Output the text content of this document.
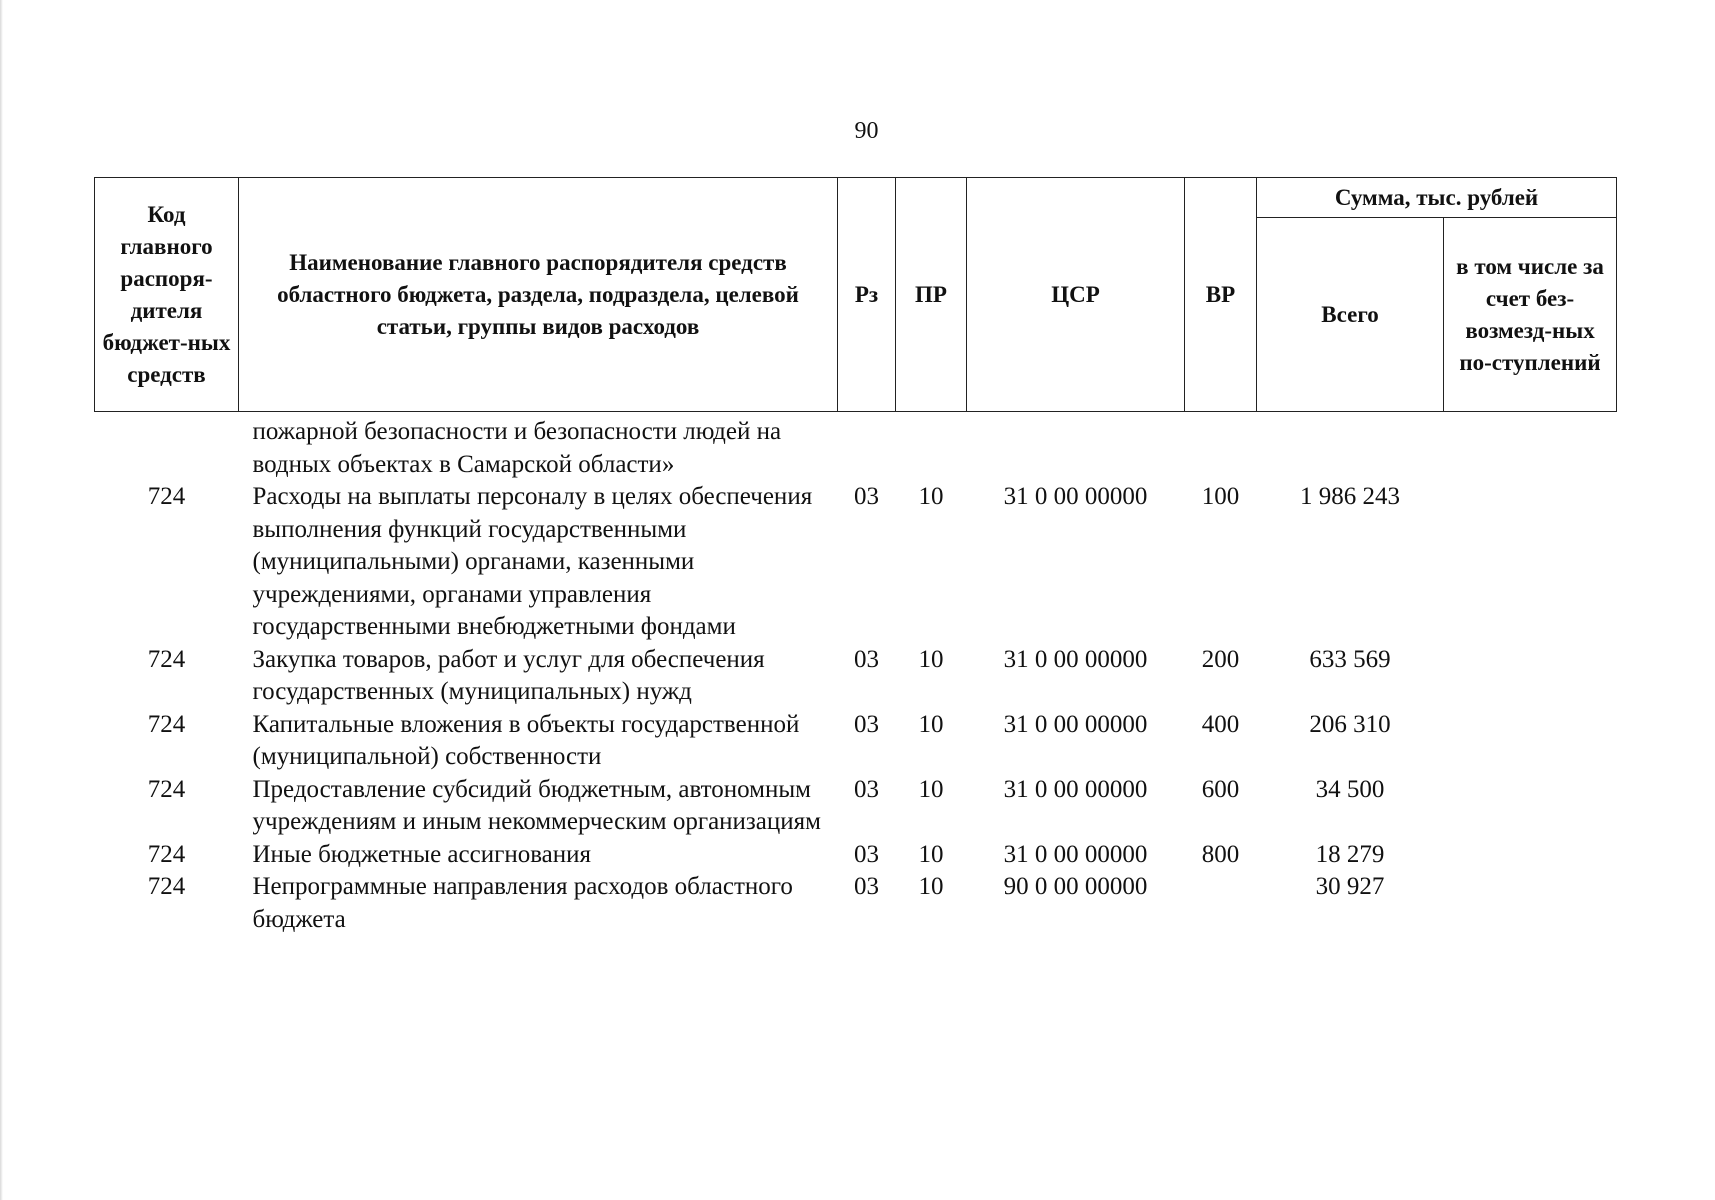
90
Код главного распоря-дителя бюджет-ных средств	Наименование главного распорядителя средств областного бюджета, раздела, подраздела, целевой статьи, группы видов расходов	Рз	ПР	ЦСР	ВР	Сумма, тыс. рублей	
						Всего	в том числе за счет без-возмезд-ных по-ступлений
	пожарной безопасности и безопасности людей на водных объектах в Самарской области»						
724	Расходы на выплаты персоналу в целях обеспечения выполнения функций государственными (муниципальными) органами, казенными учреждениями, органами управления государственными внебюджетными фондами	03	10	31 0 00 00000	100	1 986 243	
724	Закупка товаров, работ и услуг для обеспечения государственных (муниципальных) нужд	03	10	31 0 00 00000	200	633 569	
724	Капитальные вложения в объекты государственной (муниципальной) собственности	03	10	31 0 00 00000	400	206 310	
724	Предоставление субсидий бюджетным, автономным учреждениям и иным некоммерческим организациям	03	10	31 0 00 00000	600	34 500	
724	Иные бюджетные ассигнования	03	10	31 0 00 00000	800	18 279	
724	Непрограммные направления расходов областного бюджета	03	10	90 0 00 00000		30 927	
